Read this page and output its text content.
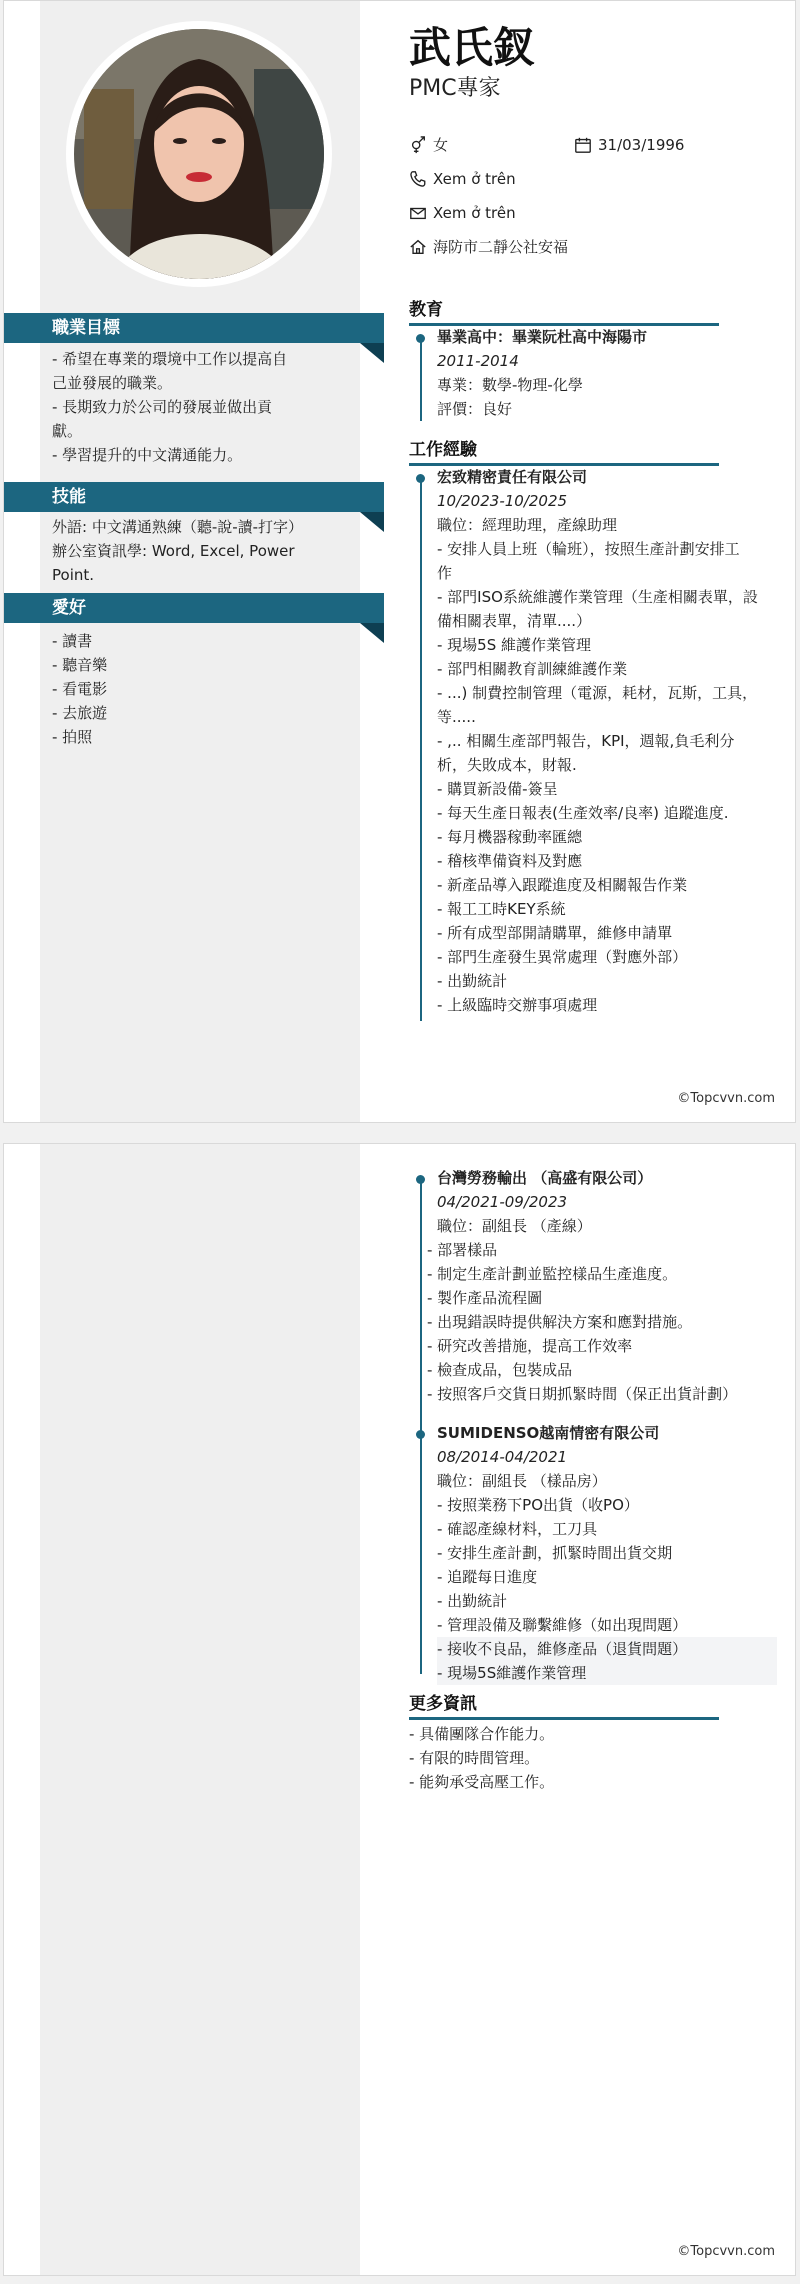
職業目標
- 希望在專業的環境中工作以提高自
己並發展的職業。
- 長期致力於公司的發展並做出貢
獻。
- 學習提升的中文溝通能力。
技能
外語: 中文溝通熟練（聽-說-讀-打字）
辦公室資訊學: Word, Excel, Power
Point.
愛好
- 讀書
- 聽音樂
- 看電影
- 去旅遊
- 拍照
武氏釵
PMC專家
女	31/03/1996
Xem ở trên
Xem ở trên
海防市二靜公社安福
教育
畢業高中：畢業阮杜高中海陽市
2011-2014
專業：數學-物理-化學
評價：良好
工作經驗
宏致精密責任有限公司
10/2023-10/2025
職位：經理助理，產線助理
- 安排人員上班（輪班），按照生產計劃安排工
作
- 部門ISO系統維護作業管理（生產相關表單，設
備相關表單，清單....）
- 現場5S 維護作業管理
- 部門相關教育訓練維護作業
- ...) 制費控制管理（電源，耗材，瓦斯，工具，
等.....
- ,.. 相關生產部門報告，KPI，週報,負毛利分
析，失敗成本，財報.
- 購買新設備-簽呈
- 每天生產日報表(生產效率/良率) 追蹤進度.
- 每月機器稼動率匯總
- 稽核準備資料及對應
- 新產品導入跟蹤進度及相關報告作業
- 報工工時KEY系統
- 所有成型部開請購單，維修申請單
- 部門生產發生異常處理（對應外部）
- 出勤統計
- 上級臨時交辦事項處理
©Topcvvn.com
台灣勞務輸出 （高盛有限公司）
04/2021-09/2023
職位：副組長 （產線）
- 部署樣品
- 制定生產計劃並監控樣品生產進度。
- 製作產品流程圖
- 出現錯誤時提供解決方案和應對措施。
- 研究改善措施，提高工作效率
- 檢查成品，包裝成品
- 按照客戶交貨日期抓緊時間（保正出貨計劃）
SUMIDENSO越南情密有限公司
08/2014-04/2021
職位：副組長 （樣品房）
- 按照業務下PO出貨（收PO）
- 確認產線材料，工刀具
- 安排生產計劃，抓緊時間出貨交期
- 追蹤每日進度
- 出勤統計
- 管理設備及聯繫維修（如出現問題）
- 接收不良品，維修產品（退貨問題）
- 現場5S維護作業管理
更多資訊
- 具備團隊合作能力。
- 有限的時間管理。
- 能夠承受高壓工作。
©Topcvvn.com
